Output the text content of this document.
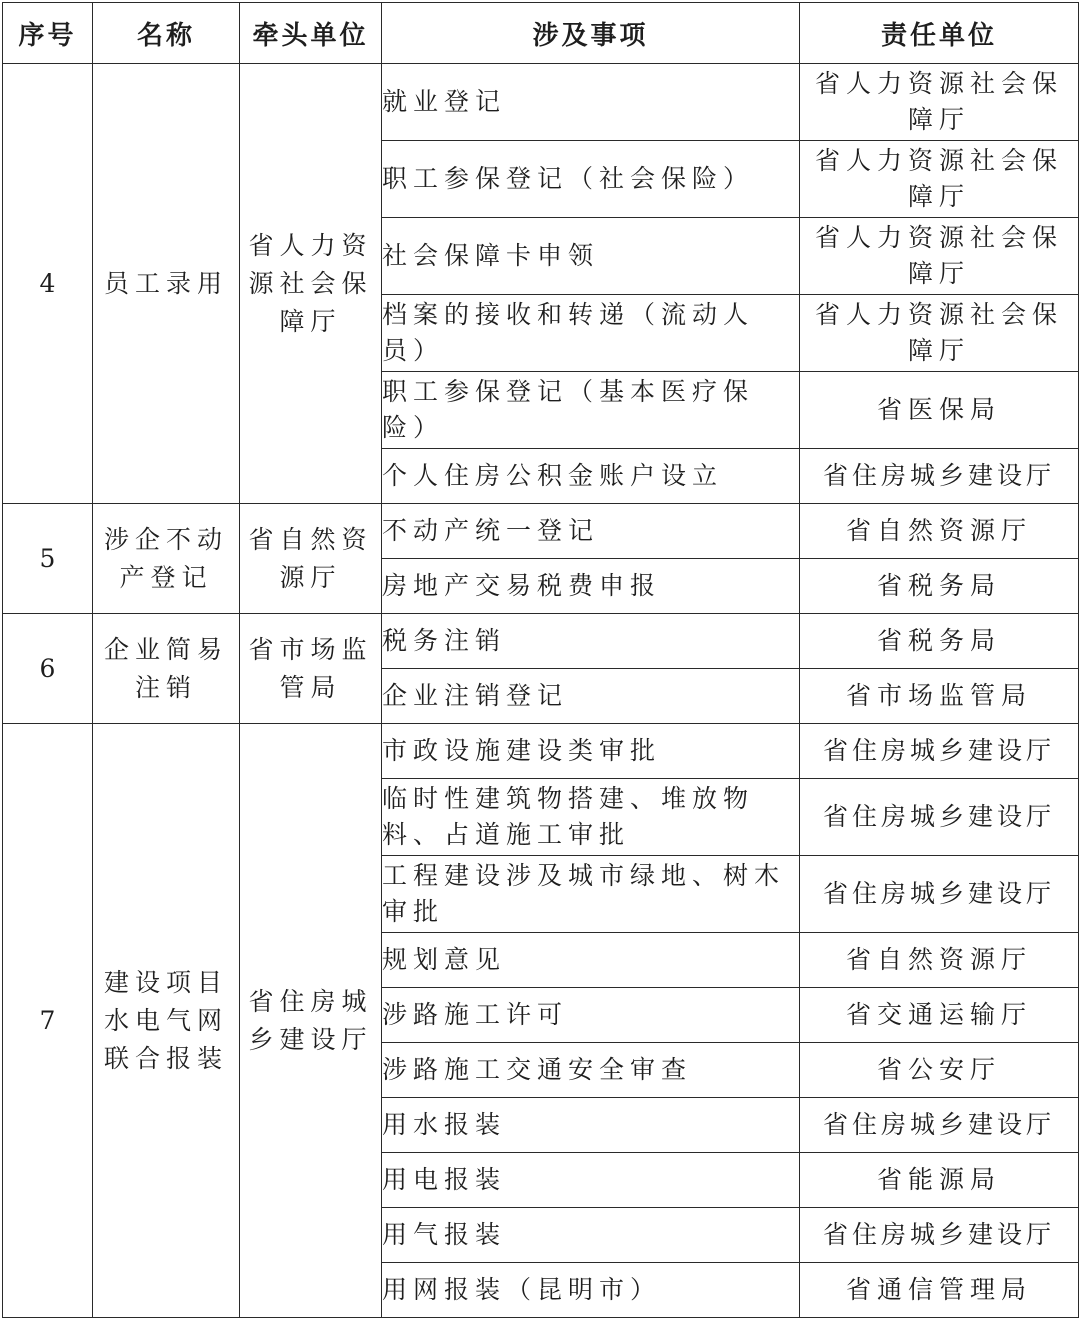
序号	名称	牵头单位	涉及事项	责任单位
4	员工录用	省人力资源社会保障厅	就业登记	省人力资源社会保障厅
			职工参保登记（社会保险）	省人力资源社会保障厅
			社会保障卡申领	省人力资源社会保障厅
			档案的接收和转递（流动人员）	省人力资源社会保障厅
			职工参保登记（基本医疗保险）	省医保局
			个人住房公积金账户设立	省住房城乡建设厅
5	涉企不动产登记	省自然资源厅	不动产统一登记	省自然资源厅
			房地产交易税费申报	省税务局
6	企业简易注销	省市场监管局	税务注销	省税务局
			企业注销登记	省市场监管局
7	建设项目水电气网联合报装	省住房城乡建设厅	市政设施建设类审批	省住房城乡建设厅
			临时性建筑物搭建、堆放物料、占道施工审批	省住房城乡建设厅
			工程建设涉及城市绿地、树木审批	省住房城乡建设厅
			规划意见	省自然资源厅
			涉路施工许可	省交通运输厅
			涉路施工交通安全审查	省公安厅
			用水报装	省住房城乡建设厅
			用电报装	省能源局
			用气报装	省住房城乡建设厅
			用网报装（昆明市）	省通信管理局
